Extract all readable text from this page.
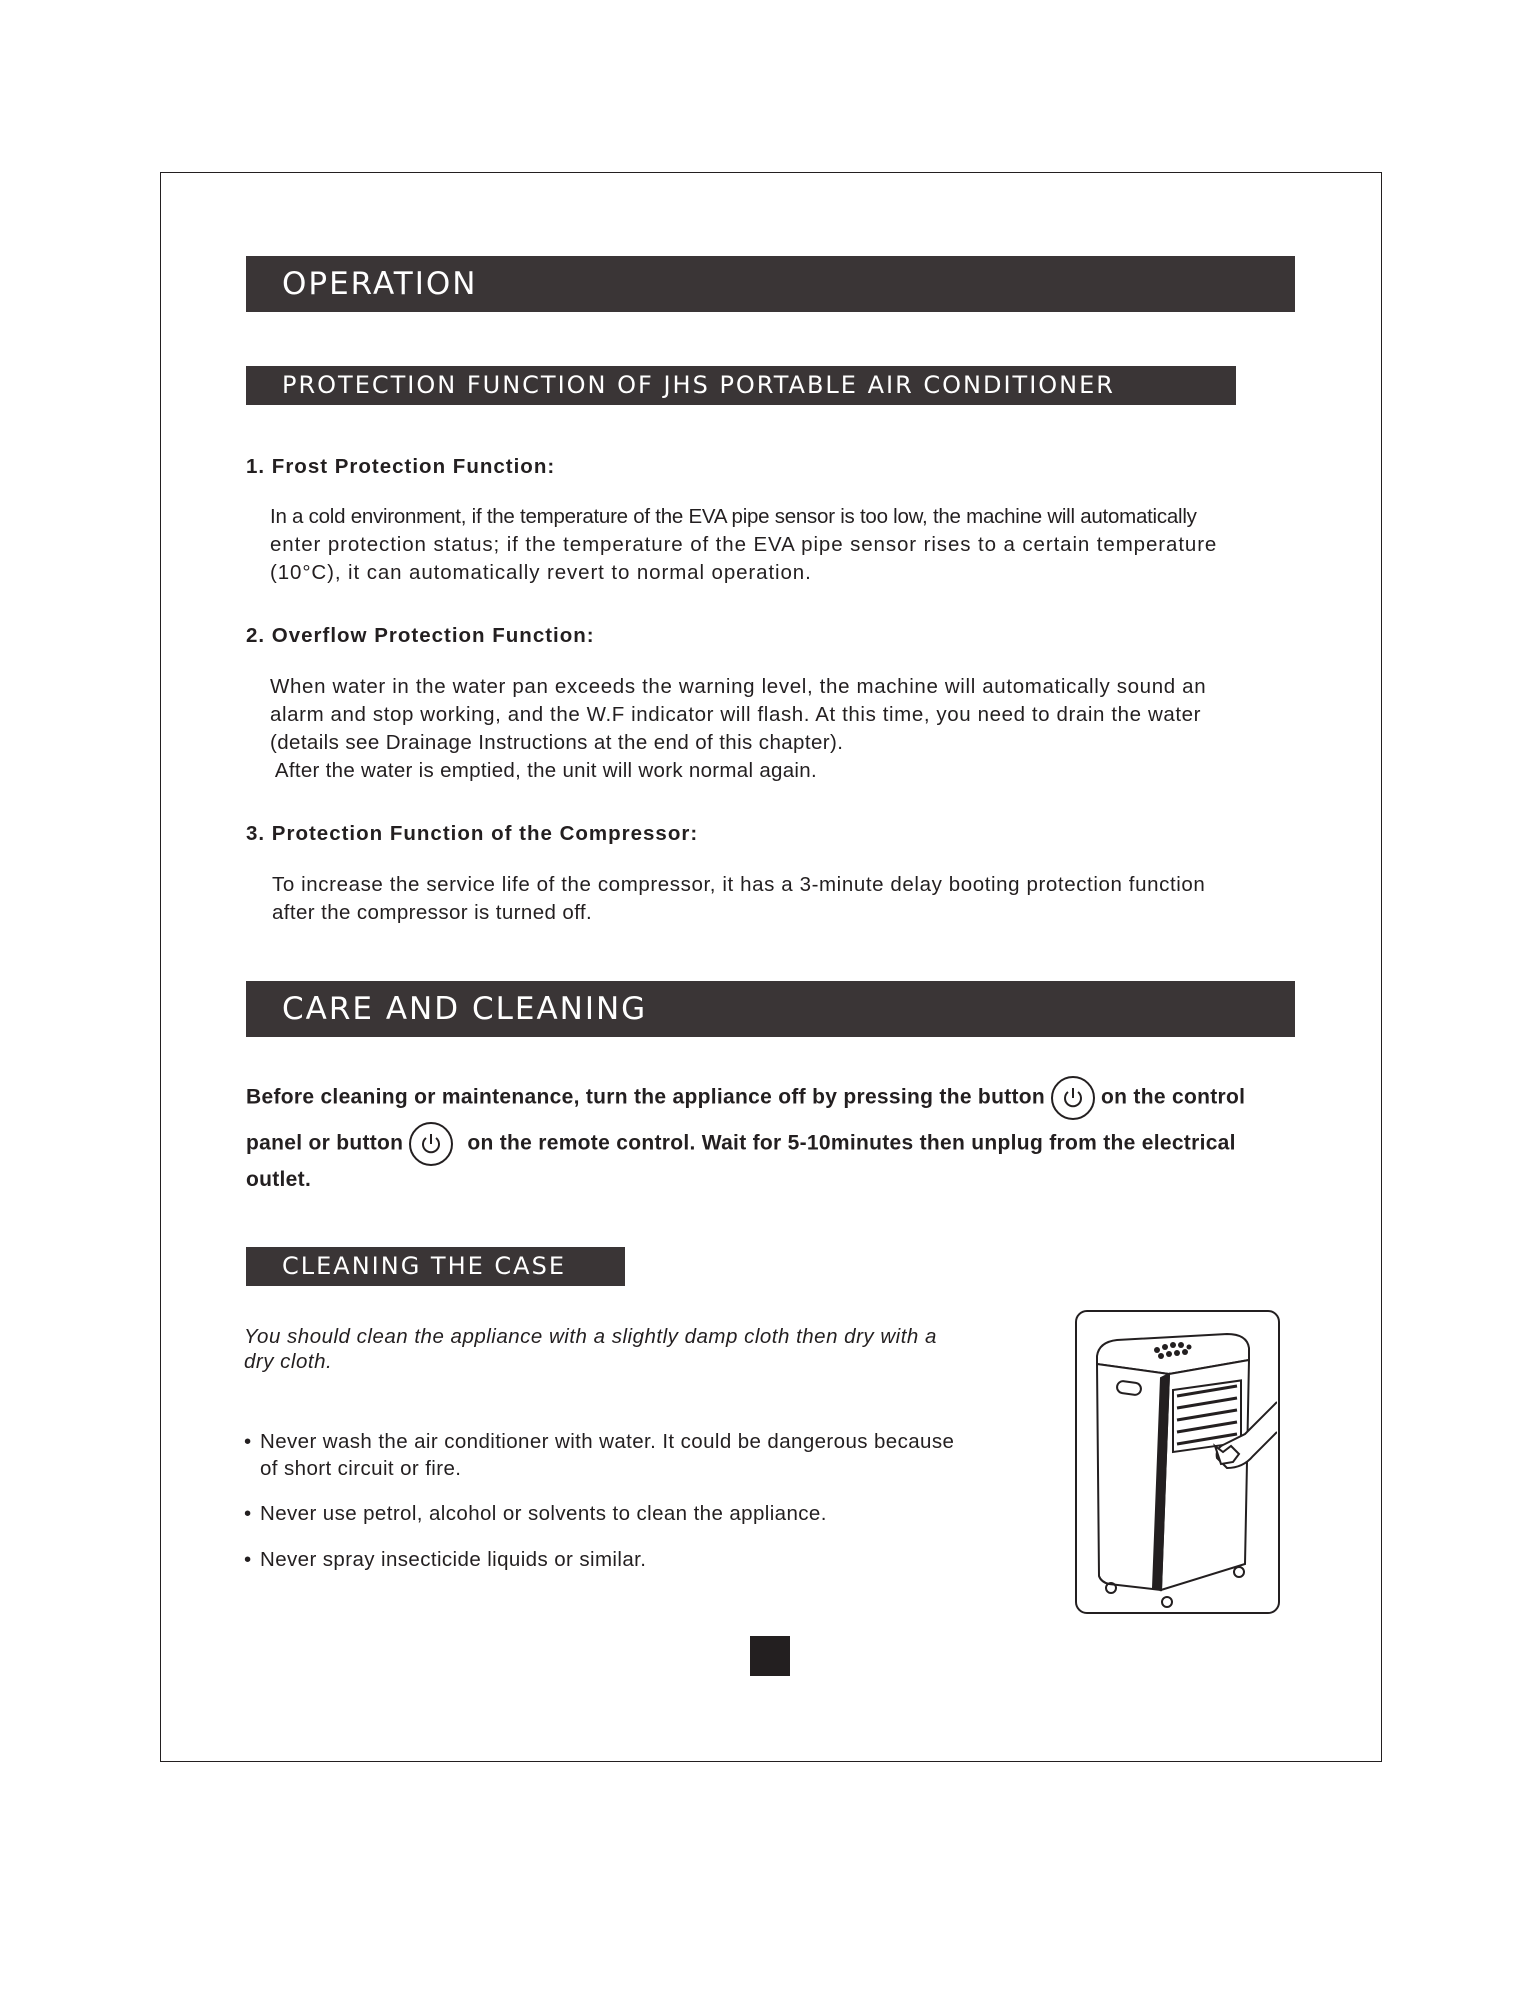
OPERATION
PROTECTION FUNCTION OF JHS PORTABLE AIR CONDITIONER
1. Frost Protection Function:

In a cold environment, if the temperature of the EVA pipe sensor is too low, the machine will automatically

enter protection status; if the temperature of the EVA pipe sensor rises to a certain temperature

(10°C), it can automatically revert to normal operation.

2. Overflow Protection Function:

When water in the water pan exceeds the warning level, the machine will automatically sound an

alarm and stop working, and the W.F indicator will flash. At this time, you need to drain the water

(details see Drainage Instructions at the end of this chapter).

After the water is emptied, the unit will work normal again.

3. Protection Function of the Compressor:

To increase the service life of the compressor, it has a 3-minute delay booting protection function

after the compressor is turned off.

CARE AND CLEANING
Before cleaning or maintenance, turn the appliance off by pressing the button	on the control
panel or button	on the remote control. Wait for 5-10minutes then unplug from the electrical
outlet.
CLEANING THE CASE

You should clean the appliance with a slightly damp cloth then dry with a

dry cloth.

• Never wash the air conditioner with water. It could be dangerous because

of short circuit or fire.

• Never use petrol, alcohol or solvents to clean the appliance.

• Never spray insecticide liquids or similar.
